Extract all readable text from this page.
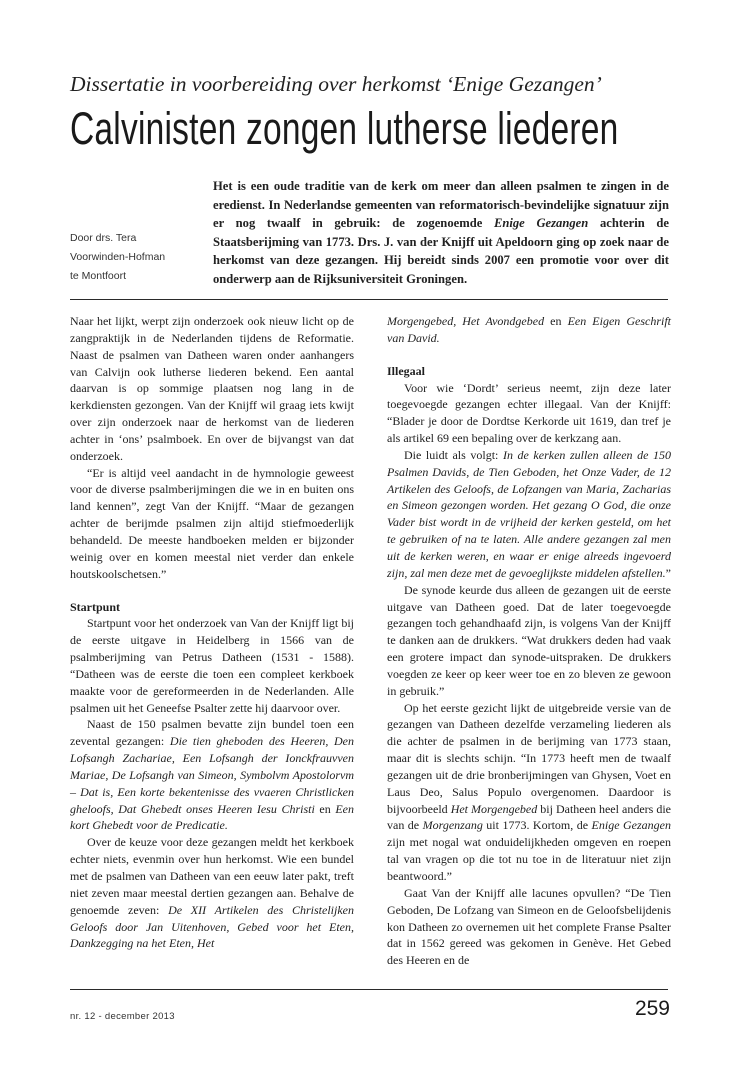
Dissertatie in voorbereiding over herkomst ‘Enige Gezangen’
Calvinisten zongen lutherse liederen
Door drs. Tera
Voorwinden-Hofman
te Montfoort
Het is een oude traditie van de kerk om meer dan alleen psalmen te zingen in de eredienst. In Nederlandse gemeenten van reformatorisch-bevindelijke signatuur zijn er nog twaalf in gebruik: de zogenoemde Enige Gezangen achterin de Staatsberijming van 1773. Drs. J. van der Knijff uit Apeldoorn ging op zoek naar de herkomst van deze gezangen. Hij bereidt sinds 2007 een promotie voor over dit onderwerp aan de Rijksuniversiteit Groningen.

Naar het lijkt, werpt zijn onderzoek ook nieuw licht op de zangpraktijk in de Nederlanden tijdens de Reformatie. Naast de psalmen van Datheen waren onder aanhangers van Calvijn ook lutherse liederen bekend. Een aantal daarvan is op sommige plaatsen nog lang in de kerkdiensten gezongen. Van der Knijff wil graag iets kwijt over zijn onderzoek naar de herkomst van de liederen achter in ‘ons’ psalmboek. En over de bijvangst van dat onderzoek.

“Er is altijd veel aandacht in de hymnologie geweest voor de diverse psalmberijmingen die we in en buiten ons land kennen”, zegt Van der Knijff. “Maar de gezangen achter de berijmde psalmen zijn altijd stiefmoederlijk behandeld. De meeste handboeken melden er bijzonder weinig over en komen meestal niet verder dan enkele houtskoolschetsen.”

Startpunt

Startpunt voor het onderzoek van Van der Knijff ligt bij de eerste uitgave in Heidelberg in 1566 van de psalmberijming van Petrus Datheen (1531 - 1588). “Datheen was de eerste die toen een compleet kerkboek maakte voor de gereformeerden in de Nederlanden. Alle psalmen uit het Geneefse Psalter zette hij daarvoor over.

Naast de 150 psalmen bevatte zijn bundel toen een zevental gezangen: Die tien gheboden des Heeren, Den Lofsangh Zachariae, Een Lofsangh der Ionckfrauvven Mariae, De Lofsangh van Simeon, Symbolvm Apostolorvm – Dat is, Een korte bekentenisse des vvaeren Christlicken gheloofs, Dat Ghebedt onses Heeren Iesu Christi en Een kort Ghebedt voor de Predicatie.

Over de keuze voor deze gezangen meldt het kerkboek echter niets, evenmin over hun herkomst. Wie een bundel met de psalmen van Datheen van een eeuw later pakt, treft niet zeven maar meestal dertien gezangen aan. Behalve de genoemde zeven: De XII Artikelen des Christelijken Geloofs door Jan Uitenhoven, Gebed voor het Eten, Dankzegging na het Eten, Het

Morgengebed, Het Avondgebed en Een Eigen Geschrift van David.

Illegaal

Voor wie ‘Dordt’ serieus neemt, zijn deze later toegevoegde gezangen echter illegaal. Van der Knijff: “Blader je door de Dordtse Kerkorde uit 1619, dan tref je als artikel 69 een bepaling over de kerkzang aan.

Die luidt als volgt: In de kerken zullen alleen de 150 Psalmen Davids, de Tien Geboden, het Onze Vader, de 12 Artikelen des Geloofs, de Lofzangen van Maria, Zacharias en Simeon gezongen worden. Het gezang O God, die onze Vader bist wordt in de vrijheid der kerken gesteld, om het te gebruiken of na te laten. Alle andere gezangen zal men uit de kerken weren, en waar er enige alreeds ingevoerd zijn, zal men deze met de gevoeglijkste middelen afstellen.”

De synode keurde dus alleen de gezangen uit de eerste uitgave van Datheen goed. Dat de later toegevoegde gezangen toch gehandhaafd zijn, is volgens Van der Knijff te danken aan de drukkers. “Wat drukkers deden had vaak een grotere impact dan synode-uitspraken. De drukkers voegden ze keer op keer weer toe en zo bleven ze gewoon in gebruik.”

Op het eerste gezicht lijkt de uitgebreide versie van de gezangen van Datheen dezelfde verzameling liederen als die achter de psalmen in de berijming van 1773 staan, maar dit is slechts schijn. “In 1773 heeft men de twaalf gezangen uit de drie bronberijmingen van Ghysen, Voet en Laus Deo, Salus Populo overgenomen. Daardoor is bijvoorbeeld Het Morgengebed bij Datheen heel anders die van de Morgenzang uit 1773. Kortom, de Enige Gezangen zijn met nogal wat onduidelijkheden omgeven en roepen tal van vragen op die tot nu toe in de literatuur niet zijn beantwoord.”

Gaat Van der Knijff alle lacunes opvullen? “De Tien Geboden, De Lofzang van Simeon en de Geloofsbelijdenis kon Datheen zo overnemen uit het complete Franse Psalter dat in 1562 gereed was gekomen in Genève. Het Gebed des Heeren en de

nr. 12 - december 2013	259
